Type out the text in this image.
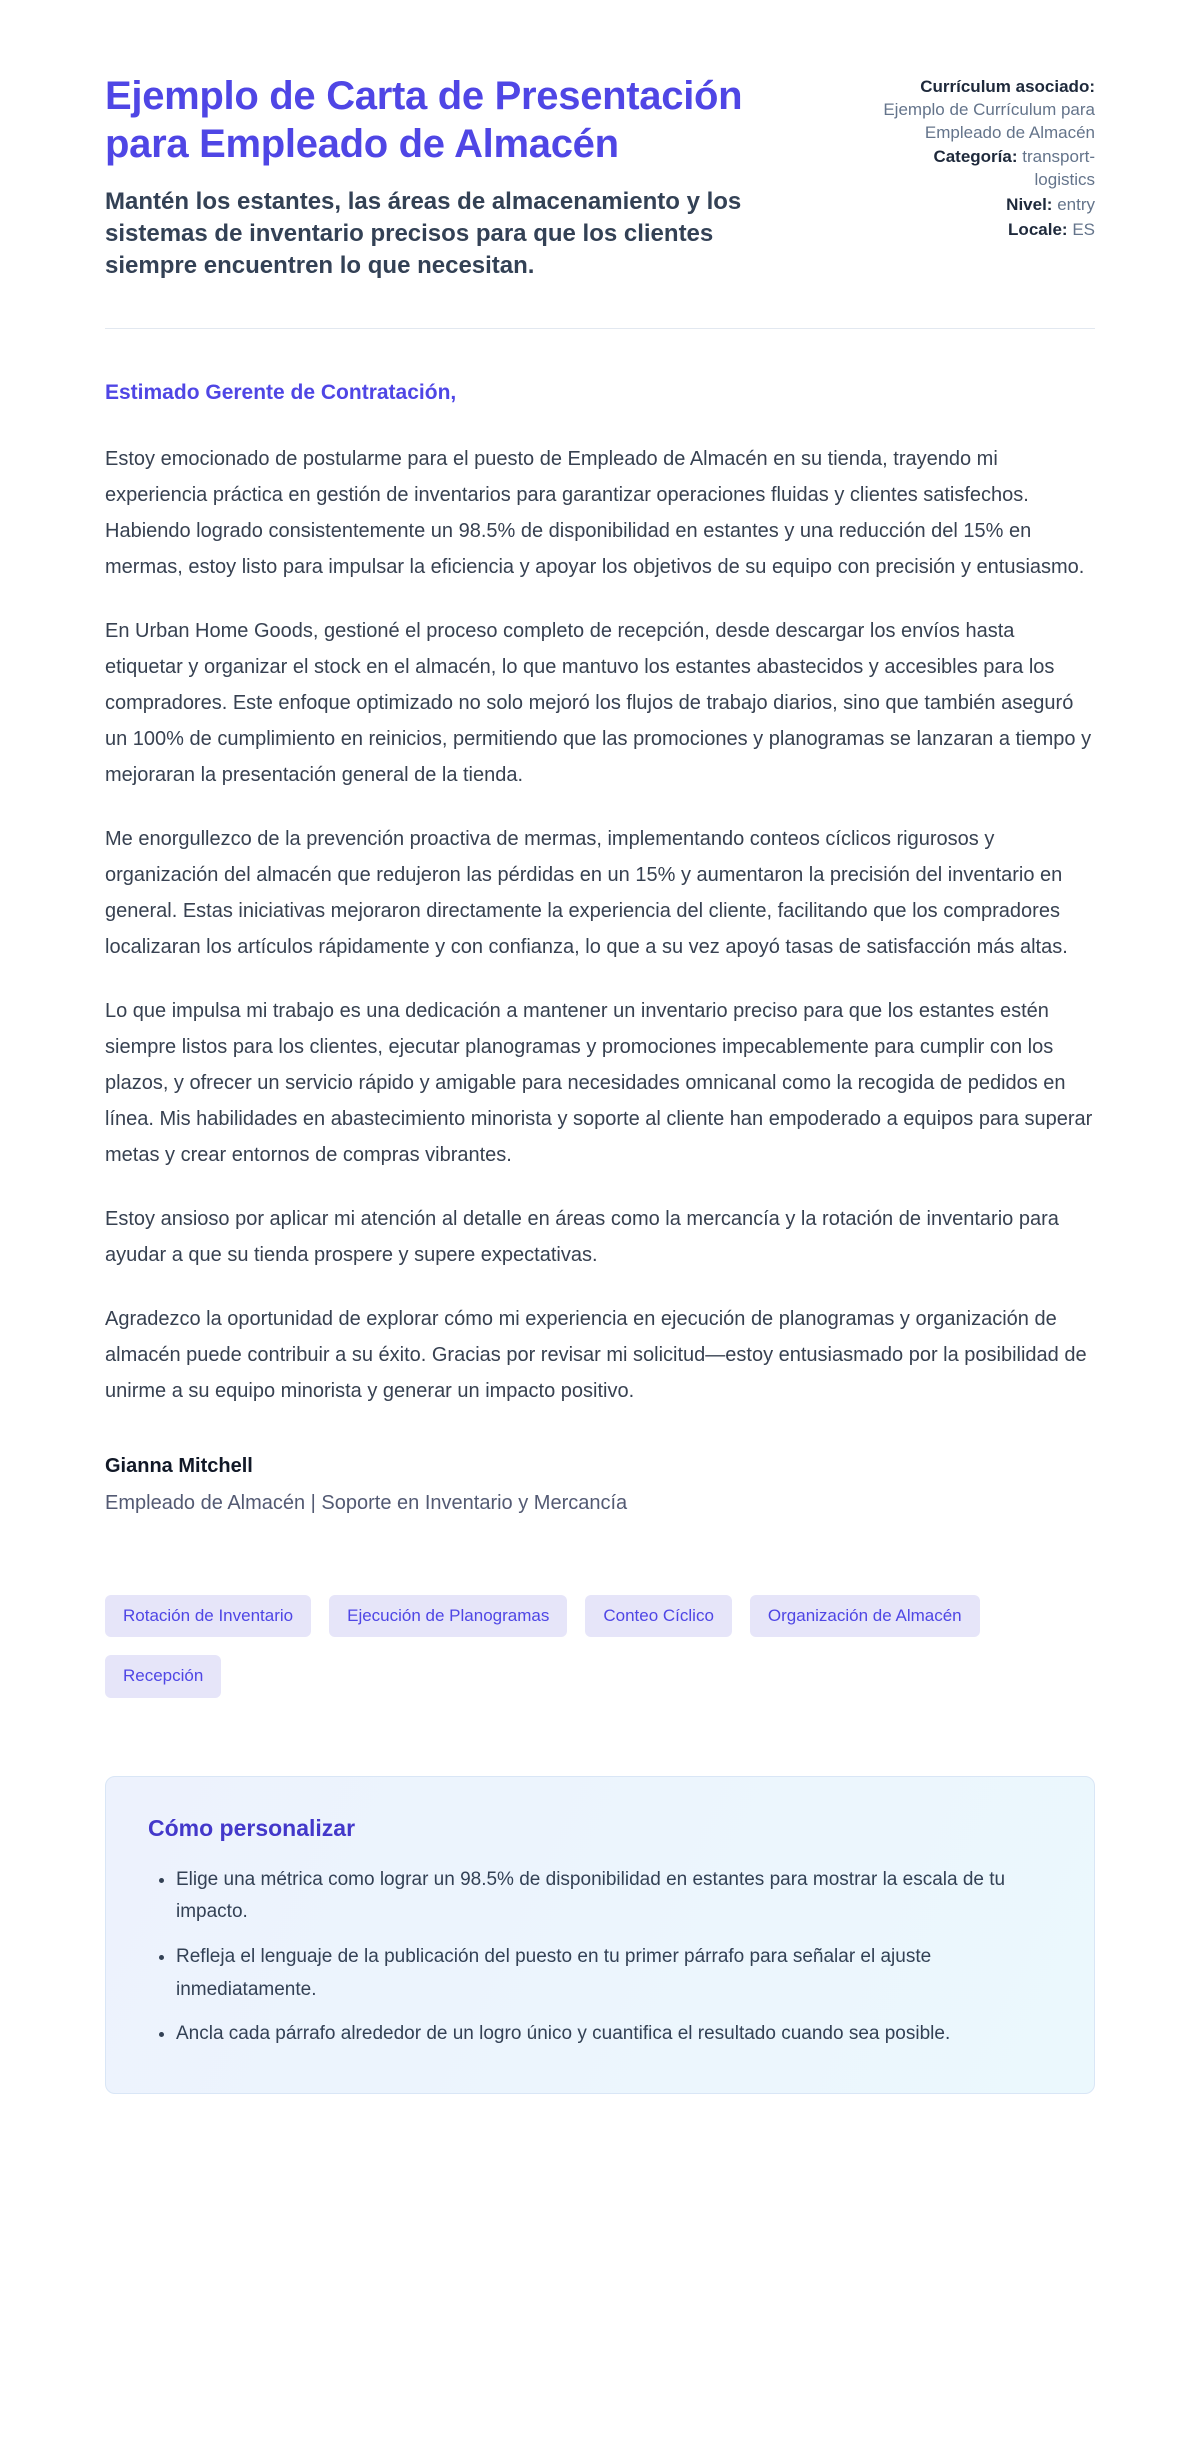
Ejemplo de Carta de Presentación para Empleado de Almacén

Mantén los estantes, las áreas de almacenamiento y los sistemas de inventario precisos para que los clientes siempre encuentren lo que necesitan.

Currículum asociado: Ejemplo de Currículum para Empleado de Almacén
Categoría: transport-logistics
Nivel: entry
Locale: ES

Estimado Gerente de Contratación,

Estoy emocionado de postularme para el puesto de Empleado de Almacén en su tienda, trayendo mi experiencia práctica en gestión de inventarios para garantizar operaciones fluidas y clientes satisfechos. Habiendo logrado consistentemente un 98.5% de disponibilidad en estantes y una reducción del 15% en mermas, estoy listo para impulsar la eficiencia y apoyar los objetivos de su equipo con precisión y entusiasmo.

En Urban Home Goods, gestioné el proceso completo de recepción, desde descargar los envíos hasta etiquetar y organizar el stock en el almacén, lo que mantuvo los estantes abastecidos y accesibles para los compradores. Este enfoque optimizado no solo mejoró los flujos de trabajo diarios, sino que también aseguró un 100% de cumplimiento en reinicios, permitiendo que las promociones y planogramas se lanzaran a tiempo y mejoraran la presentación general de la tienda.

Me enorgullezco de la prevención proactiva de mermas, implementando conteos cíclicos rigurosos y organización del almacén que redujeron las pérdidas en un 15% y aumentaron la precisión del inventario en general. Estas iniciativas mejoraron directamente la experiencia del cliente, facilitando que los compradores localizaran los artículos rápidamente y con confianza, lo que a su vez apoyó tasas de satisfacción más altas.

Lo que impulsa mi trabajo es una dedicación a mantener un inventario preciso para que los estantes estén siempre listos para los clientes, ejecutar planogramas y promociones impecablemente para cumplir con los plazos, y ofrecer un servicio rápido y amigable para necesidades omnicanal como la recogida de pedidos en línea. Mis habilidades en abastecimiento minorista y soporte al cliente han empoderado a equipos para superar metas y crear entornos de compras vibrantes.

Estoy ansioso por aplicar mi atención al detalle en áreas como la mercancía y la rotación de inventario para ayudar a que su tienda prospere y supere expectativas.

Agradezco la oportunidad de explorar cómo mi experiencia en ejecución de planogramas y organización de almacén puede contribuir a su éxito. Gracias por revisar mi solicitud—estoy entusiasmado por la posibilidad de unirme a su equipo minorista y generar un impacto positivo.

Gianna Mitchell

Empleado de Almacén | Soporte en Inventario y Mercancía

Rotación de Inventario	Ejecución de Planogramas	Conteo Cíclico	Organización de Almacén
Recepción
Cómo personalizar
• Elige una métrica como lograr un 98.5% de disponibilidad en estantes para mostrar la escala de tu impacto.
• Refleja el lenguaje de la publicación del puesto en tu primer párrafo para señalar el ajuste inmediatamente.
• Ancla cada párrafo alrededor de un logro único y cuantifica el resultado cuando sea posible.
